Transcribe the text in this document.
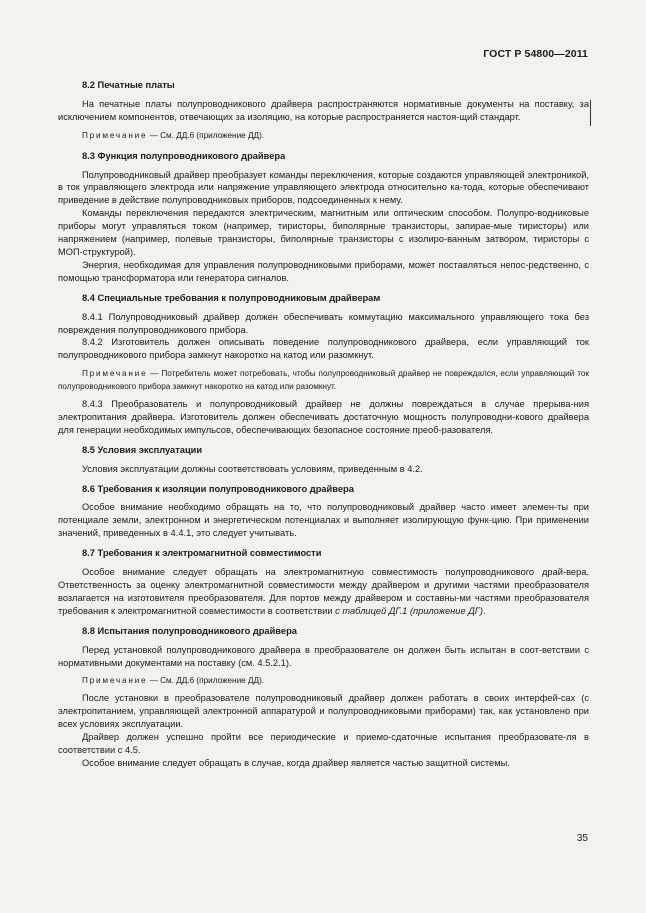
ГОСТ Р 54800—2011

8.2 Печатные платы

На печатные платы полупроводникового драйвера распространяются нормативные документы на поставку, за исключением компонентов, отвечающих за изоляцию, на которые распространяется настоя-щий стандарт.

Примечание — См. ДД.6 (приложение ДД).

8.3 Функция полупроводникового драйвера

Полупроводниковый драйвер преобразует команды переключения, которые создаются управляющей электроникой, в ток управляющего электрода или напряжение управляющего электрода относительно ка-тода, которые обеспечивают приведение в действие полупроводниковых приборов, подсоединенных к нему.

Команды переключения передаются электрическим, магнитным или оптическим способом. Полупро-водниковые приборы могут управляться током (например, тиристоры, биполярные транзисторы, запирае-мые тиристоры) или напряжением (например, полевые транзисторы, биполярные транзисторы с изолиро-ванным затвором, тиристоры с МОП-структурой).

Энергия, необходимая для управления полупроводниковыми приборами, может поставляться непос-редственно, с помощью трансформатора или генератора сигналов.

8.4 Специальные требования к полупроводниковым драйверам

8.4.1 Полупроводниковый драйвер должен обеспечивать коммутацию максимального управляющего тока без повреждения полупроводникового прибора.

8.4.2 Изготовитель должен описывать поведение полупроводникового драйвера, если управляющий ток полупроводникового прибора замкнут накоротко на катод или разомкнут.

Примечание — Потребитель может потребовать, чтобы полупроводниковый драйвер не повреждался, если управляющий ток полупроводникового прибора замкнут накоротко на катод или разомкнут.

8.4.3 Преобразователь и полупроводниковый драйвер не должны повреждаться в случае прерыва-ния электропитания драйвера. Изготовитель должен обеспечивать достаточную мощность полупроводни-кового драйвера для генерации необходимых импульсов, обеспечивающих безопасное состояние преоб-разователя.

8.5 Условия эксплуатации

Условия эксплуатации должны соответствовать условиям, приведенным в 4.2.

8.6 Требования к изоляции полупроводникового драйвера

Особое внимание необходимо обращать на то, что полупроводниковый драйвер часто имеет элемен-ты при потенциале земли, электронном и энергетическом потенциалах и выполняет изолирующую функ-цию. При применении значений, приведенных в 4.4.1, это следует учитывать.

8.7 Требования к электромагнитной совместимости

Особое внимание следует обращать на электромагнитную совместимость полупроводникового драй-вера. Ответственность за оценку электромагнитной совместимости между драйвером и другими частями преобразователя возлагается на изготовителя преобразователя. Для портов между драйвером и составны-ми частями преобразователя требования к электромагнитной совместимости в соответствии с таблицей ДГ.1 (приложение ДГ).

8.8 Испытания полупроводникового драйвера

Перед установкой полупроводникового драйвера в преобразователе он должен быть испытан в соот-ветствии с нормативными документами на поставку (см. 4.5.2.1).

Примечание — См. ДД.6 (приложение ДД).

После установки в преобразователе полупроводниковый драйвер должен работать в своих интерфей-сах (с электропитанием, управляющей электронной аппаратурой и полупроводниковыми приборами) так, как установлено при всех условиях эксплуатации.

Драйвер должен успешно пройти все периодические и приемо-сдаточные испытания преобразовате-ля в соответствии с 4.5.

Особое внимание следует обращать в случае, когда драйвер является частью защитной системы.

35
